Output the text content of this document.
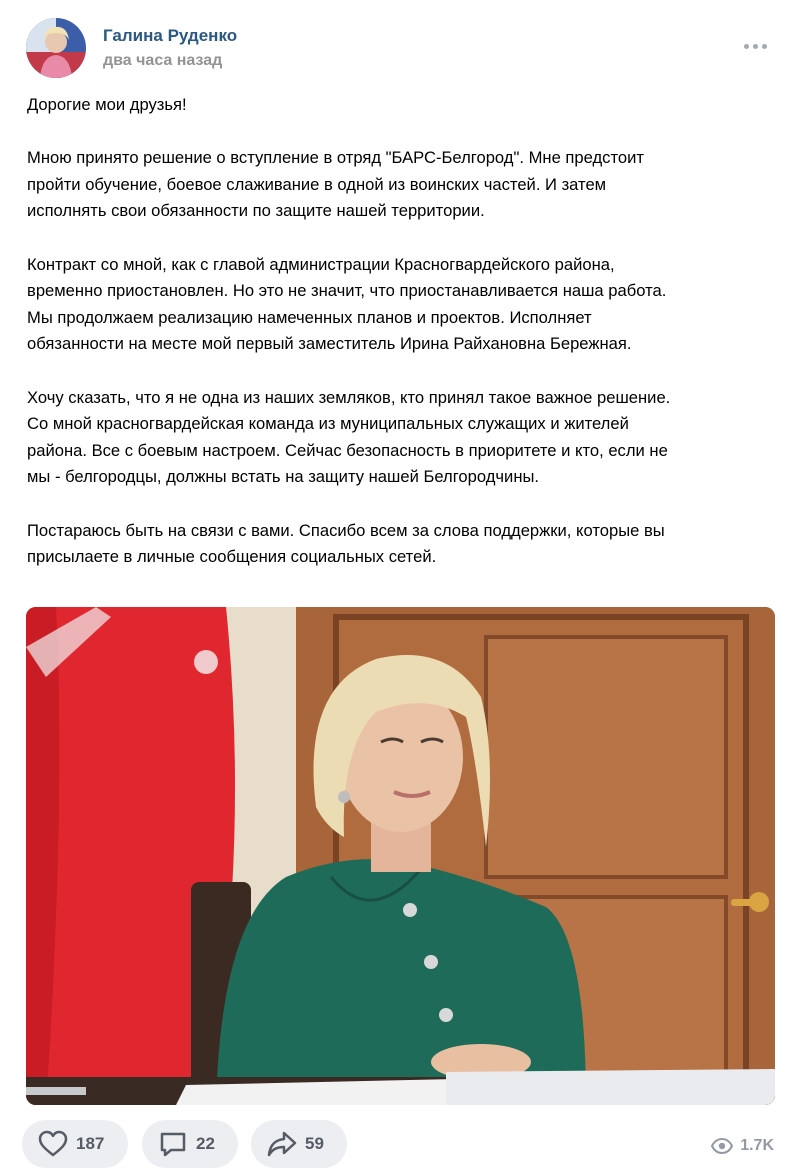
Галина Руденко
два часа назад

Дорогие мои друзья!

Мною принято решение о вступление в отряд "БАРС-Белгород". Мне предстоит
пройти обучение, боевое слаживание в одной из воинских частей. И затем
исполнять свои обязанности по защите нашей территории.

Контракт со мной, как с главой администрации Красногвардейского района,
временно приостановлен. Но это не значит, что приостанавливается наша работа.
Мы продолжаем реализацию намеченных планов и проектов. Исполняет
обязанности на месте мой первый заместитель Ирина Райхановна Бережная.

Хочу сказать, что я не одна из наших земляков, кто принял такое важное решение.
Со мной красногвардейская команда из муниципальных служащих и жителей
района. Все с боевым настроем. Сейчас безопасность в приоритете и кто, если не
мы - белгородцы, должны встать на защиту нашей Белгородчины.

Постараюсь быть на связи с вами. Спасибо всем за слова поддержки, которые вы
присылаете в личные сообщения социальных сетей.

187	22	59	1.7K
